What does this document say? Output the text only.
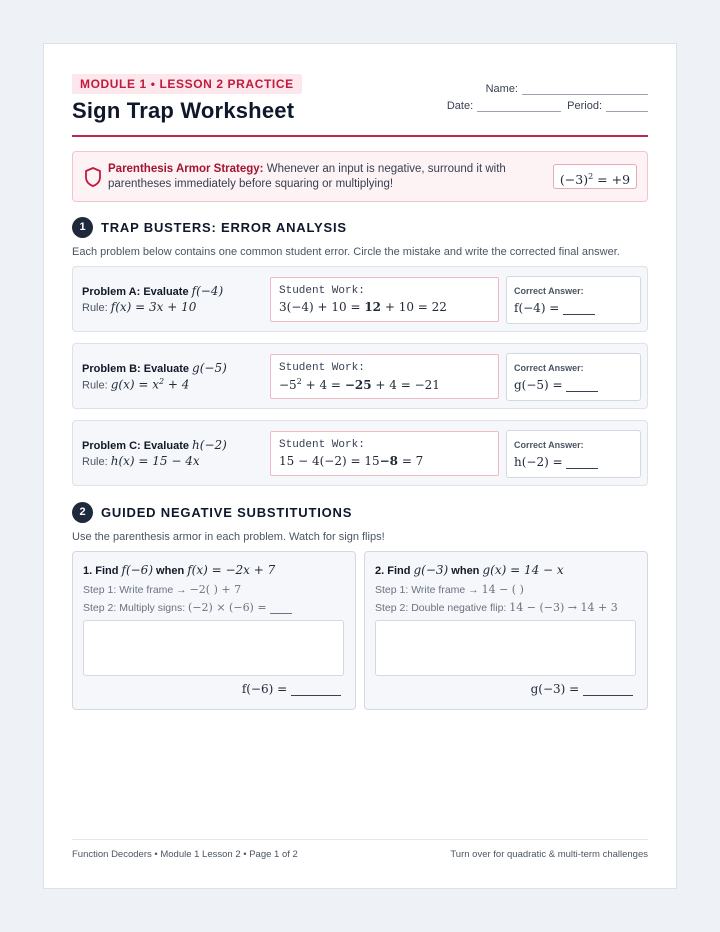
MODULE 1 • LESSON 2 PRACTICE
Sign Trap Worksheet
Name:
Date:	Period:
Parenthesis Armor Strategy: Whenever an input is negative, surround it with parentheses immediately before squaring or multiplying!	$(-3)^2 = +9$
1	TRAP BUSTERS: ERROR ANALYSIS
Each problem below contains one common student error. Circle the mistake and write the corrected final answer.
Problem A: Evaluate f(−4)
Rule: f(x) = 3x + 10
Student Work:
3(−4) + 10 = 12 + 10 = 22
Correct Answer:
f(−4) =
Problem B: Evaluate g(−5)
Rule: $g(x) = x^2 + 4$
Student Work:
$-5^2 + 4 = -25 + 4 = -21$
Correct Answer:
g(−5) =
Problem C: Evaluate h(−2)
Rule: h(x) = 15 − 4x
Student Work:
15 − 4(−2) = 15−8 = 7
Correct Answer:
h(−2) =
2	GUIDED NEGATIVE SUBSTITUTIONS
Use the parenthesis armor in each problem. Watch for sign flips!
1. Find f(−6) when f(x) = −2x + 7
Step 1: Write frame → −2( ) + 7
Step 2: Multiply signs: (−2) × (−6) =
f(−6) =
2. Find g(−3) when g(x) = 14 − x
Step 1: Write frame → 14 − ( )
Step 2: Double negative flip: 14 − (−3) → 14 + 3
g(−3) =
Function Decoders • Module 1 Lesson 2 • Page 1 of 2	Turn over for quadratic & multi-term challenges
